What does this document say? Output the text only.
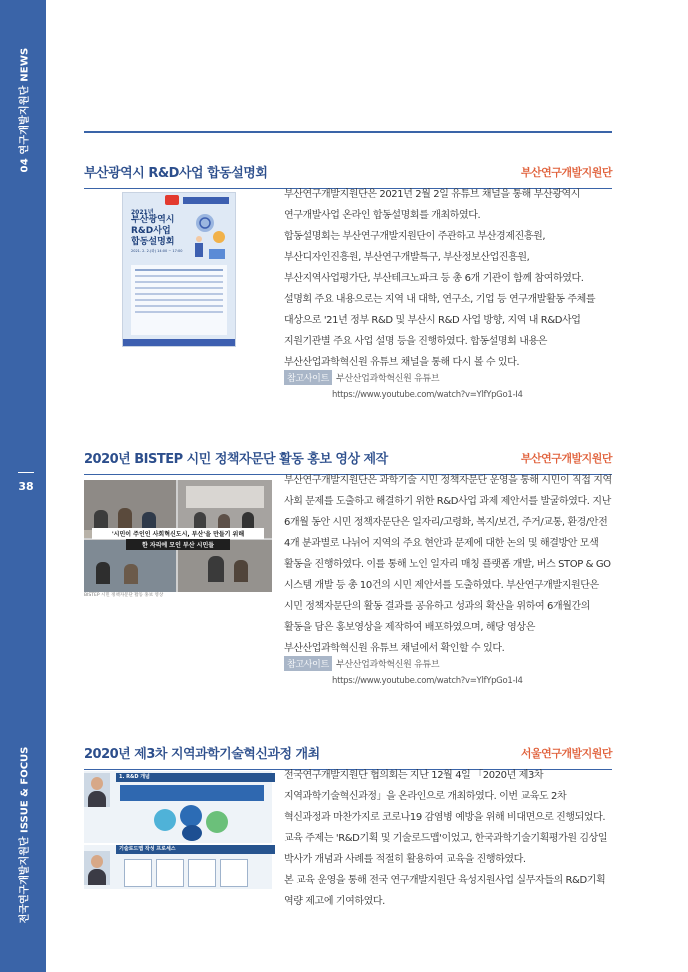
04 연구개발지원단 NEWS
38
전국연구개발지원단 ISSUE & FOCUS
부산광역시 R&D사업 합동설명회	부산연구개발지원단
2021년
부산광역시
R&D사업
합동설명회
2021. 2. 2.(화) 14:00 ~ 17:00
부산연구개발지원단은 2021년 2월 2일 유튜브 채널을 통해 부산광역시 연구개발사업 온라인 합동설명회를 개최하였다.
합동설명회는 부산연구개발지원단이 주관하고 부산경제진흥원, 부산디자인진흥원, 부산연구개발특구, 부산정보산업진흥원, 부산지역사업평가단, 부산테크노파크 등 총 6개 기관이 함께 참여하였다. 설명회 주요 내용으로는 지역 내 대학, 연구소, 기업 등 연구개발활동 주체를 대상으로 '21년 정부 R&D 및 부산시 R&D 사업 방향, 지역 내 R&D사업 지원기관별 주요 사업 설명 등을 진행하였다. 합동설명회 내용은 부산산업과학혁신원 유튜브 채널을 통해 다시 볼 수 있다.
참고사이트 부산산업과학혁신원 유튜브
https://www.youtube.com/watch?v=YlfYpGo1-I4
2020년 BISTEP 시민 정책자문단 활동 홍보 영상 제작	부산연구개발지원단
'시민이 주인인 사회혁신도시, 부산'을 만들기 위해
한 자리에 모인 부산 시민들
BISTEP 시민 정책자문단 활동 홍보 영상
부산연구개발지원단은 과학기술 시민 정책자문단 운영을 통해 시민이 직접 지역 사회 문제를 도출하고 해결하기 위한 R&D사업 과제 제안서를 발굴하였다. 지난 6개월 동안 시민 정책자문단은 일자리/고령화, 복지/보건, 주거/교통, 환경/안전 4개 분과별로 나뉘어 지역의 주요 현안과 문제에 대한 논의 및 해결방안 모색 활동을 진행하였다. 이를 통해 노인 일자리 매칭 플랫폼 개발, 버스 STOP & GO 시스템 개발 등 총 10건의 시민 제안서를 도출하였다. 부산연구개발지원단은 시민 정책자문단의 활동 결과를 공유하고 성과의 확산을 위하여 6개월간의 활동을 담은 홍보영상을 제작하여 배포하였으며, 해당 영상은 부산산업과학혁신원 유튜브 채널에서 확인할 수 있다.
참고사이트 부산산업과학혁신원 유튜브
https://www.youtube.com/watch?v=YlfYpGo1-I4
2020년 제3차 지역과학기술혁신과정 개최	서울연구개발지원단
1. R&D 개념
기술로드맵 작성 프로세스
전국연구개발지원단 협의회는 지난 12월 4일 「2020년 제3차 지역과학기술혁신과정」을 온라인으로 개최하였다. 이번 교육도 2차 혁신과정과 마찬가지로 코로나19 감염병 예방을 위해 비대면으로 진행되었다.
교육 주제는 'R&D기획 및 기술로드맵'이었고, 한국과학기술기획평가원 김상일 박사가 개념과 사례를 적절히 활용하여 교육을 진행하였다.
본 교육 운영을 통해 전국 연구개발지원단 육성지원사업 실무자들의 R&D기획 역량 제고에 기여하였다.
